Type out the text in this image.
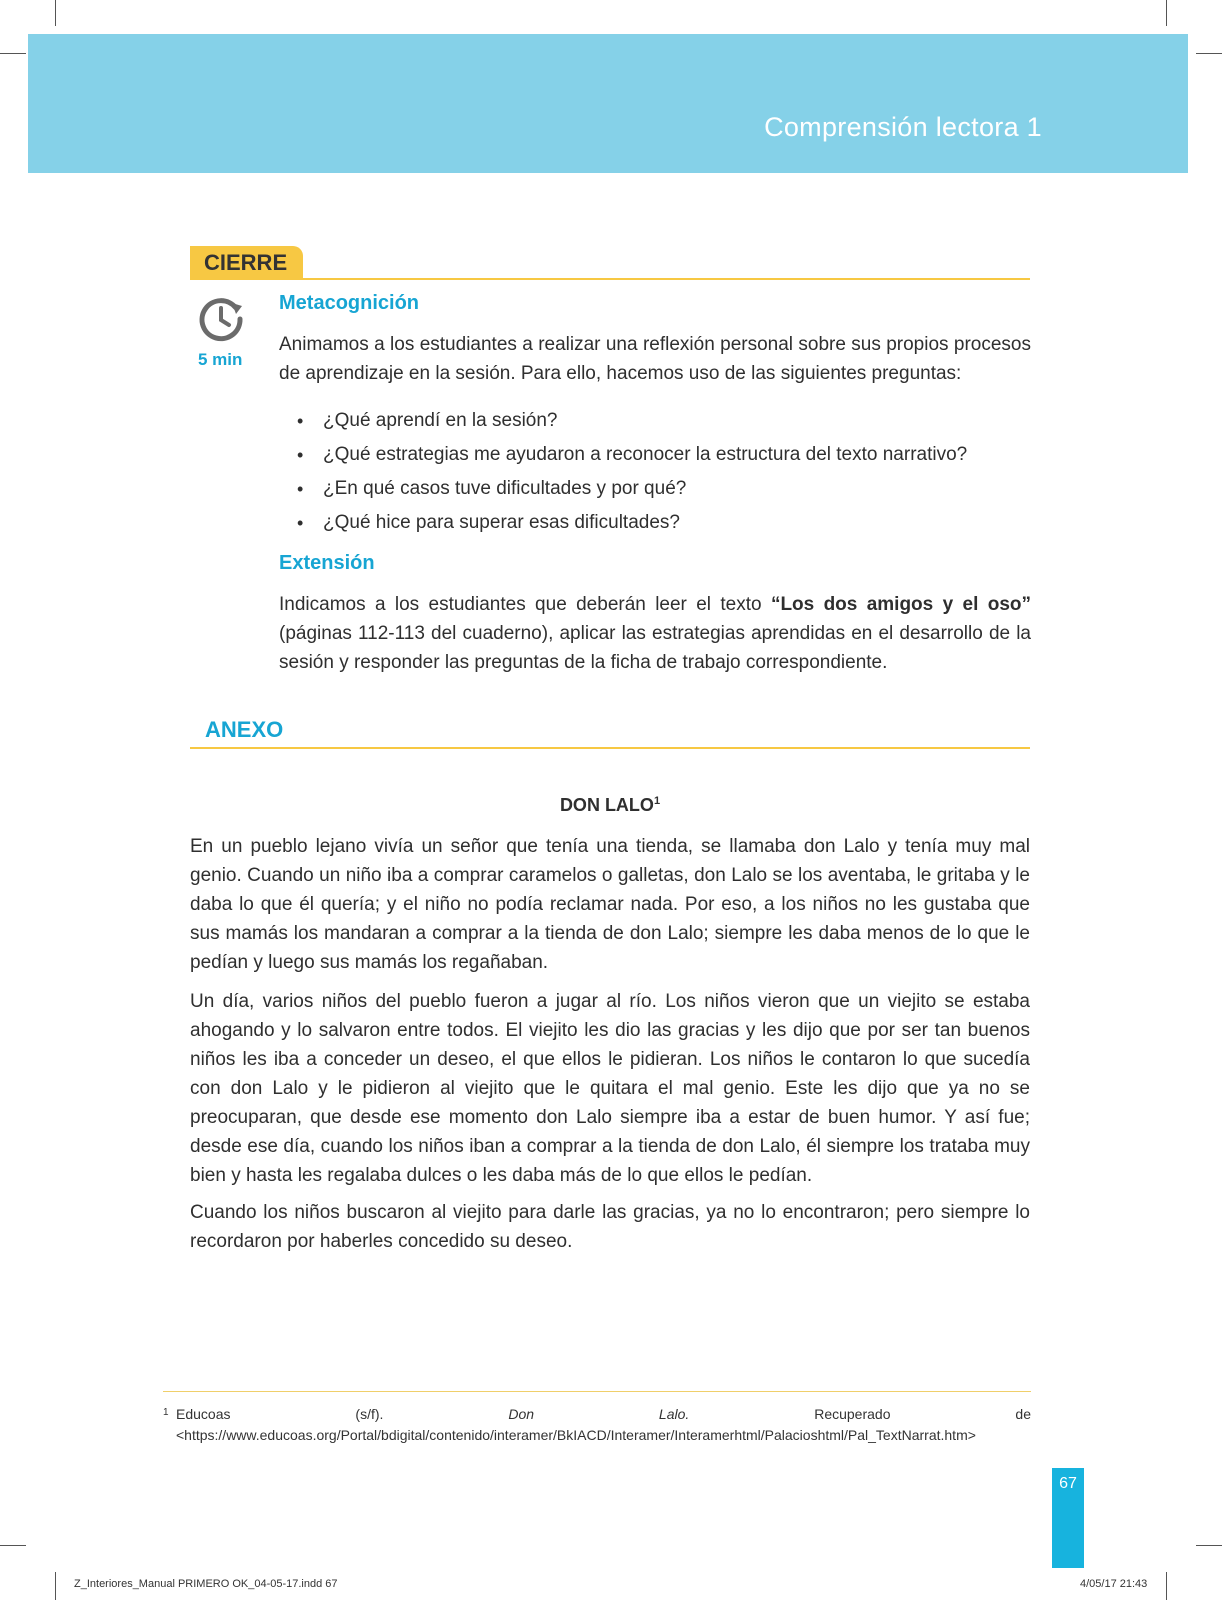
Comprensión lectora 1
CIERRE
5 min
Metacognición

Animamos a los estudiantes a realizar una reflexión personal sobre sus propios procesos de aprendizaje en la sesión. Para ello, hacemos uso de las siguientes preguntas:

• ¿Qué aprendí en la sesión?
• ¿Qué estrategias me ayudaron a reconocer la estructura del texto narrativo?
• ¿En qué casos tuve dificultades y por qué?
• ¿Qué hice para superar esas dificultades?
Extensión

Indicamos a los estudiantes que deberán leer el texto “Los dos amigos y el oso” (páginas 112-113 del cuaderno), aplicar las estrategias aprendidas en el desarrollo de la sesión y responder las preguntas de la ficha de trabajo correspondiente.

ANEXO
DON LALO$^1$

En un pueblo lejano vivía un señor que tenía una tienda, se llamaba don Lalo y tenía muy mal genio. Cuando un niño iba a comprar caramelos o galletas, don Lalo se los aventaba, le gritaba y le daba lo que él quería; y el niño no podía reclamar nada. Por eso, a los niños no les gustaba que sus mamás los mandaran a comprar a la tienda de don Lalo; siempre les daba menos de lo que le pedían y luego sus mamás los regañaban.

Un día, varios niños del pueblo fueron a jugar al río. Los niños vieron que un viejito se estaba ahogando y lo salvaron entre todos. El viejito les dio las gracias y les dijo que por ser tan buenos niños les iba a conceder un deseo, el que ellos le pidieran. Los niños le contaron lo que sucedía con don Lalo y le pidieron al viejito que le quitara el mal genio. Este les dijo que ya no se preocuparan, que desde ese momento don Lalo siempre iba a estar de buen humor. Y así fue; desde ese día, cuando los niños iban a comprar a la tienda de don Lalo, él siempre los trataba muy bien y hasta les regalaba dulces o les daba más de lo que ellos le pedían.

Cuando los niños buscaron al viejito para darle las gracias, ya no lo encontraron; pero siempre lo recordaron por haberles concedido su deseo.

1 Educoas (s/f). Don Lalo. Recuperado de <https://www.educoas.org/Portal/bdigital/contenido/interamer/BkIACD/Interamer/Interamerhtml/Palacioshtml/Pal_TextNarrat.htm>
67
Z_Interiores_Manual PRIMERO OK_04-05-17.indd 67	4/05/17 21:43
